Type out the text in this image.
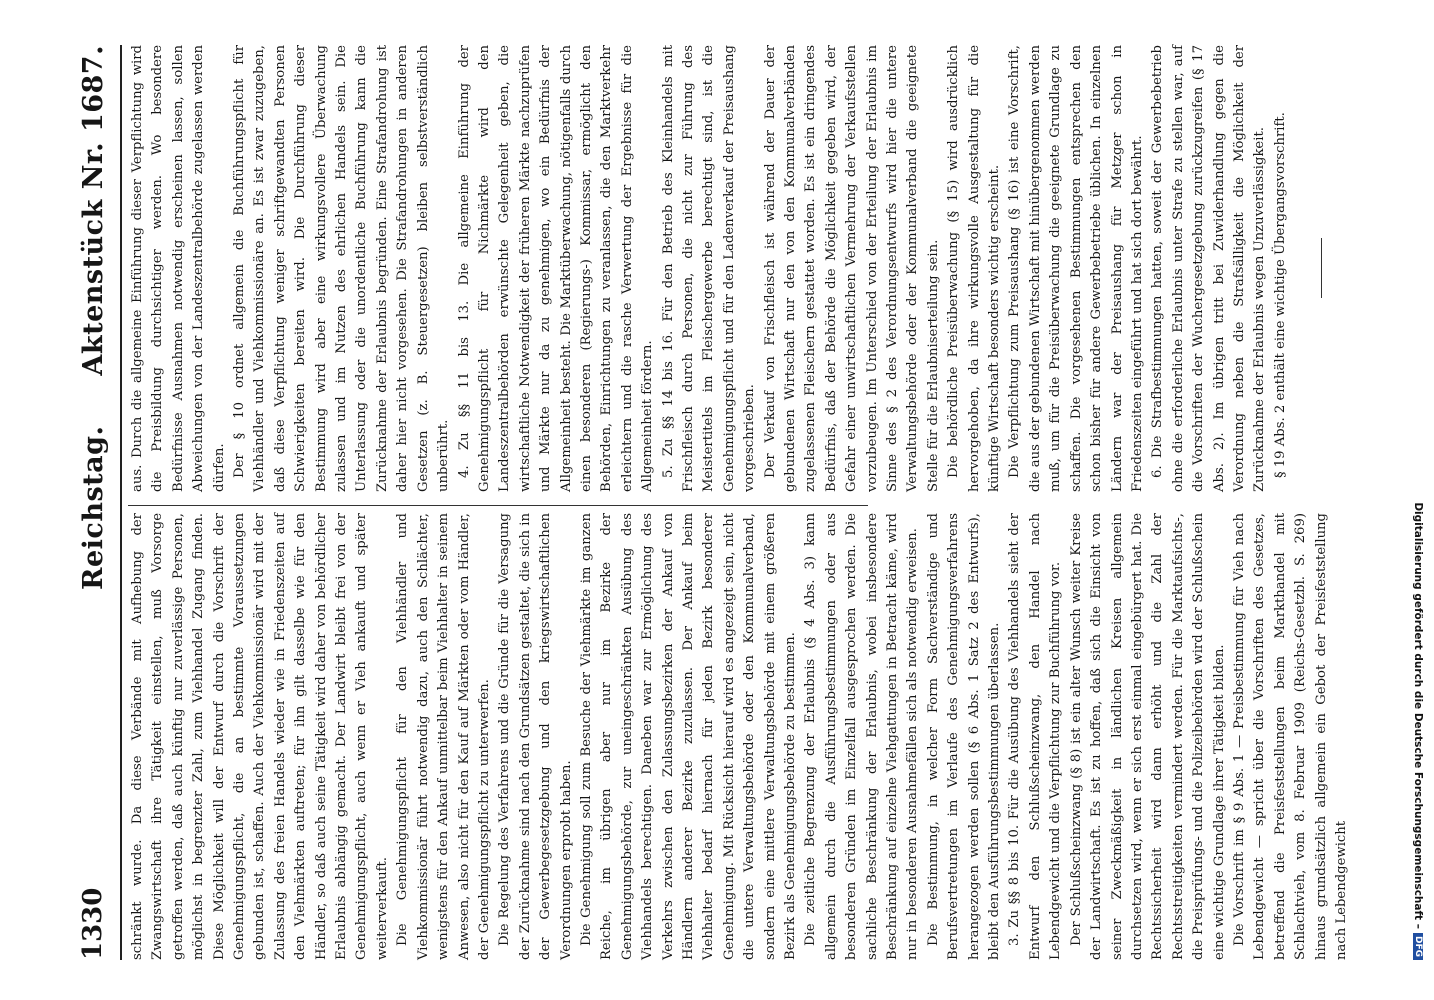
1330
Reichstag.
Aktenstück Nr. 1687.

schränkt wurde. Da diese Verbände mit Aufhebung der Zwangswirtschaft ihre Tätigkeit einstellen, muß Vorsorge getroffen werden, daß auch künftig nur zuverlässige Personen, möglichst in begrenzter Zahl, zum Viehhandel Zugang finden. Diese Möglichkeit will der Entwurf durch die Vorschrift der Genehmigungspflicht, die an bestimmte Voraussetzungen gebunden ist, schaffen. Auch der Viehkommissionär wird mit der Zulassung des freien Handels wieder wie in Friedenszeiten auf den Viehmärkten auftreten; für ihn gilt dasselbe wie für den Händler, so daß auch seine Tätigkeit wird daher von behördlicher Erlaubnis abhängig gemacht. Der Landwirt bleibt frei von der Genehmigungspflicht, auch wenn er Vieh ankauft und später weiterverkauft. Die Genehmigungspflicht für den Viehhändler und Viehkommissionär führt notwendig dazu, auch den Schlächter, wenigstens für den Ankauf unmittelbar beim Viehhalter in seinem Anwesen, also nicht für den Kauf auf Märkten oder vom Händler, der Genehmigungspflicht zu unterwerfen. Die Regelung des Verfahrens und die Gründe für die Versagung der Zurücknahme sind nach den Grundsätzen gestaltet, die sich in der Gewerbegesetzgebung und den kriegswirtschaftlichen Verordnungen erprobt haben. Die Genehmigung soll zum Besuche der Viehmärkte im ganzen Reiche, im übrigen aber nur im Bezirke der Genehmigungsbehörde, zur uneingeschränkten Ausübung des Viehhandels berechtigen. Daneben war zur Ermöglichung des Verkehrs zwischen den Zulassungsbezirken der Ankauf von Händlern anderer Bezirke zuzulassen. Der Ankauf beim Viehhalter bedarf hiernach für jeden Bezirk besonderer Genehmigung. Mit Rücksicht hierauf wird es angezeigt sein, nicht die untere Verwaltungsbehörde oder den Kommunalverband, sondern eine mittlere Verwaltungsbehörde mit einem größeren Bezirk als Genehmigungsbehörde zu bestimmen. Die zeitliche Begrenzung der Erlaubnis (§ 4 Abs. 3) kann allgemein durch die Ausführungsbestimmungen oder aus besonderen Gründen im Einzelfall ausgesprochen werden. Die sachliche Beschränkung der Erlaubnis, wobei insbesondere Beschränkung auf einzelne Viehgattungen in Betracht käme, wird nur in besonderen Ausnahmefällen sich als notwendig erweisen. Die Bestimmung, in welcher Form Sachverständige und Berufsvertretungen im Verlaufe des Genehmigungsverfahrens herangezogen werden sollen (§ 6 Abs. 1 Satz 2 des Entwurfs), bleibt den Ausführungsbestimmungen überlassen. 3. Zu §§ 8 bis 10. Für die Ausübung des Viehhandels sieht der Entwurf den Schlußscheinzwang, den Handel nach Lebendgewicht und die Verpflichtung zur Buchführung vor. Der Schlußscheinzwang (§ 8) ist ein alter Wunsch weiter Kreise der Landwirtschaft. Es ist zu hoffen, daß sich die Einsicht von seiner Zweckmäßigkeit in ländlichen Kreisen allgemein durchsetzen wird, wenn er sich erst einmal eingebürgert hat. Die Rechtssicherheit wird dann erhöht und die Zahl der Rechtsstreitigkeiten vermindert werden. Für die Marktaufsichts-, die Preisprüfungs- und die Polizeibehörden wird der Schlußschein eine wichtige Grundlage ihrer Tätigkeit bilden. Die Vorschrift im § 9 Abs. 1 — Preisbestimmung für Vieh nach Lebendgewicht — spricht über die Vorschriften des Gesetzes, betreffend die Preisfeststellungen beim Markthandel mit Schlachtvieh, vom 8. Februar 1909 (Reichs-Gesetzbl. S. 269) hinaus grundsätzlich allgemein ein Gebot der Preisfeststellung nach Lebendgewicht

aus. Durch die allgemeine Einführung dieser Verpflichtung wird die Preisbildung durchsichtiger werden. Wo besondere Bedürfnisse Ausnahmen notwendig erscheinen lassen, sollen Abweichungen von der Landeszentralbehörde zugelassen werden dürfen. Der § 10 ordnet allgemein die Buchführungspflicht für Viehhändler und Viehkommissionäre an. Es ist zwar zuzugeben, daß diese Verpflichtung weniger schriftgewandten Personen Schwierigkeiten bereiten wird. Die Durchführung dieser Bestimmung wird aber eine wirkungsvollere Überwachung zulassen und im Nutzen des ehrlichen Handels sein. Die Unterlassung oder die unordentliche Buchführung kann die Zurücknahme der Erlaubnis begründen. Eine Strafandrohung ist daher hier nicht vorgesehen. Die Strafandrohungen in anderen Gesetzen (z. B. Steuergesetzen) bleiben selbstverständlich unberührt. 4. Zu §§ 11 bis 13. Die allgemeine Einführung der Genehmigungspflicht für Nichmärkte wird den Landeszentralbehörden erwünschte Gelegenheit geben, die wirtschaftliche Notwendigkeit der früheren Märkte nachzuprüfen und Märkte nur da zu genehmigen, wo ein Bedürfnis der Allgemeinheit besteht. Die Marktüberwachung, nötigenfalls durch einen besonderen (Regierungs-) Kommissar, ermöglicht den Behörden, Einrichtungen zu veranlassen, die den Marktverkehr erleichtern und die rasche Verwertung der Ergebnisse für die Allgemeinheit fördern. 5. Zu §§ 14 bis 16. Für den Betrieb des Kleinhandels mit Frischfleisch durch Personen, die nicht zur Führung des Meistertitels im Fleischergewerbe berechtigt sind, ist die Genehmigungspflicht und für den Ladenverkauf der Preisaushang vorgeschrieben. Der Verkauf von Frischfleisch ist während der Dauer der gebundenen Wirtschaft nur den von den Kommunalverbänden zugelassenen Fleischern gestattet worden. Es ist ein dringendes Bedürfnis, daß der Behörde die Möglichkeit gegeben wird, der Gefahr einer unwirtschaftlichen Vermehrung der Verkaufsstellen vorzubeugen. Im Unterschied von der Erteilung der Erlaubnis im Sinne des § 2 des Verordnungsentwurfs wird hier die untere Verwaltungsbehörde oder der Kommunalverband die geeignete Stelle für die Erlaubniserteilung sein. Die behördliche Preisüberwachung (§ 15) wird ausdrücklich hervorgehoben, da ihre wirkungsvolle Ausgestaltung für die künftige Wirtschaft besonders wichtig erscheint. Die Verpflichtung zum Preisaushang (§ 16) ist eine Vorschrift, die aus der gebundenen Wirtschaft mit hinübergenommen werden muß, um für die Preisüberwachung die geeignete Grundlage zu schaffen. Die vorgesehenen Bestimmungen entsprechen den schon bisher für andere Gewerbebetriebe üblichen. In einzelnen Ländern war der Preisaushang für Metzger schon in Friedenszeiten eingeführt und hat sich dort bewährt. 6. Die Strafbestimmungen hatten, soweit der Gewerbebetrieb ohne die erforderliche Erlaubnis unter Strafe zu stellen war, auf die Vorschriften der Wuchergesetzgebung zurückzugreifen (§ 17 Abs. 2). Im übrigen tritt bei Zuwiderhandlung gegen die Verordnung neben die Strafsälligkeit die Möglichkeit der Zurücknahme der Erlaubnis wegen Unzuverlässigkeit. § 19 Abs. 2 enthält eine wichtige Übergangsvorschrift.

Digitalisierung gefördert durch die Deutsche Forschungsgemeinschaft –DFG
